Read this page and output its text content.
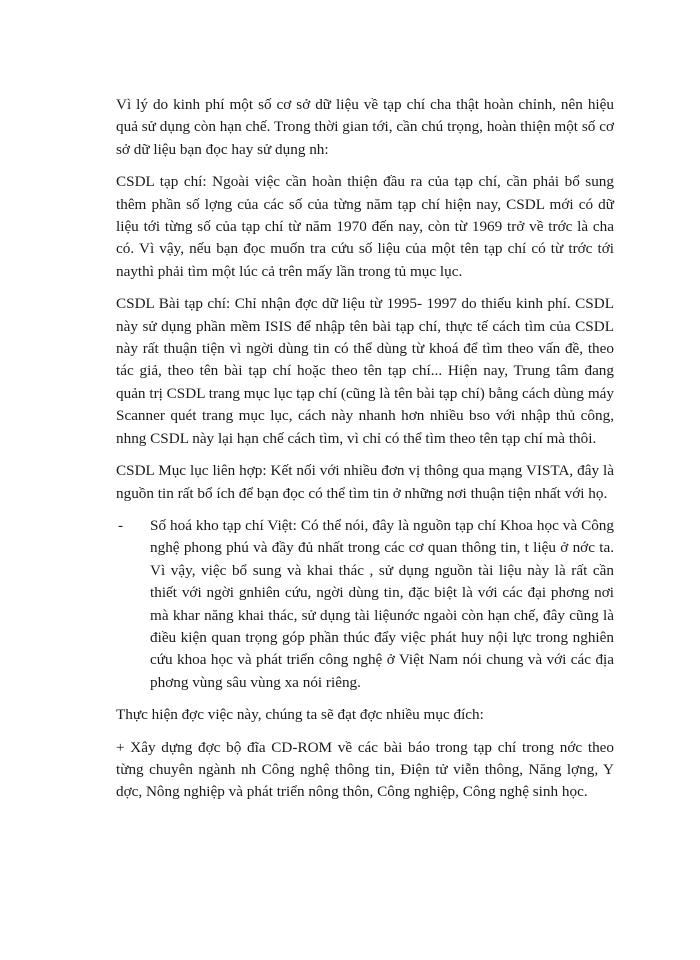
Vì lý do kinh phí một số cơ sở dữ liệu về tạp chí cha thật hoàn chỉnh, nên hiệu quả sử dụng còn hạn chế. Trong thời gian tới, cần chú trọng, hoàn thiện một số cơ sở dữ liệu bạn đọc hay sử dụng nh:

CSDL tạp chí: Ngoài việc cần hoàn thiện đầu ra của tạp chí, cần phải bổ sung thêm phần số lợng của các số của từng năm tạp chí hiện nay, CSDL mới có dữ liệu tới từng số của tạp chí từ năm 1970 đến nay, còn từ 1969 trở về trớc là cha có. Vì vậy, nếu bạn đọc muốn tra cứu số liệu của một tên tạp chí có từ trớc tới naythì phải tìm một lúc cả trên mấy lần trong tủ mục lục.

CSDL Bài tạp chí: Chỉ nhận đợc dữ liệu từ 1995- 1997 do thiếu kinh phí. CSDL này sử dụng phần mềm ISIS để nhập tên bài tạp chí, thực tế cách tìm của CSDL này rất thuận tiện vì ngời dùng tin có thể dùng từ khoá để tìm theo vấn đề, theo tác giả, theo tên bài tạp chí hoặc theo tên tạp chí... Hiện nay, Trung tâm đang quản trị CSDL trang mục lục tạp chí (cũng là tên bài tạp chí) bằng cách dùng máy Scanner quét trang mục lục, cách này nhanh hơn nhiều bso với nhập thủ công, nhng CSDL này lại hạn chế cách tìm, vì chỉ có thể tìm theo tên tạp chí mà thôi.

CSDL Mục lục liên hợp: Kết nối với nhiều đơn vị thông qua mạng VISTA, đây là nguồn tin rất bổ ích để bạn đọc có thể tìm tin ở những nơi thuận tiện nhất với họ.

- Số hoá kho tạp chí Việt: Có thể nói, đây là nguồn tạp chí Khoa học và Công nghệ phong phú và đầy đủ nhất trong các cơ quan thông tin, t liệu ở nớc ta. Vì vậy, việc bổ sung và khai thác , sử dụng nguồn tài liệu này là rất cần thiết với ngời gnhiên cứu, ngời dùng tin, đặc biệt là với các đại phơng nơi mà khar năng khai thác, sử dụng tài liệunớc ngaòi còn hạn chế, đây cũng là điều kiện quan trọng góp phần thúc đẩy việc phát huy nội lực trong nghiên cứu khoa học và phát triển công nghệ ở Việt Nam nói chung và với các địa phơng vùng sâu vùng xa nói riêng.

Thực hiện đợc việc này, chúng ta sẽ đạt đợc nhiều mục đích:

+ Xây dựng đợc bộ đĩa CD-ROM về các bài báo trong tạp chí trong nớc theo từng chuyên ngành nh Công nghệ thông tin, Điện tử viễn thông, Năng lợng, Y dợc, Nông nghiệp và phát triển nông thôn, Công nghiệp, Công nghệ sinh học.
